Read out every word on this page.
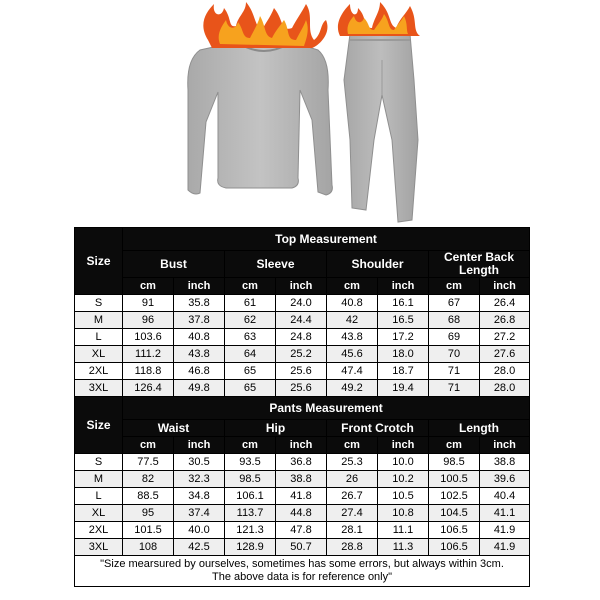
Size	Top Measurement							
	Bust		Sleeve		Shoulder		Center Back Length	

	cm	inch	cm	inch	cm	inch	cm	inch
S	91	35.8	61	24.0	40.8	16.1	67	26.4
M	96	37.8	62	24.4	42	16.5	68	26.8
L	103.6	40.8	63	24.8	43.8	17.2	69	27.2
XL	111.2	43.8	64	25.2	45.6	18.0	70	27.6
2XL	118.8	46.8	65	25.6	47.4	18.7	71	28.0
3XL	126.4	49.8	65	25.6	49.2	19.4	71	28.0
Size	Pants Measurement							
	Waist		Hip		Front Crotch		Length	

	cm	inch	cm	inch	cm	inch	cm	inch
S	77.5	30.5	93.5	36.8	25.3	10.0	98.5	38.8
M	82	32.3	98.5	38.8	26	10.2	100.5	39.6
L	88.5	34.8	106.1	41.8	26.7	10.5	102.5	40.4
XL	95	37.4	113.7	44.8	27.4	10.8	104.5	41.1
2XL	101.5	40.0	121.3	47.8	28.1	11.1	106.5	41.9
3XL	108	42.5	128.9	50.7	28.8	11.3	106.5	41.9

"Size mearsured by ourselves, sometimes has some errors, but always within 3cm.
The above data is for reference only"								
